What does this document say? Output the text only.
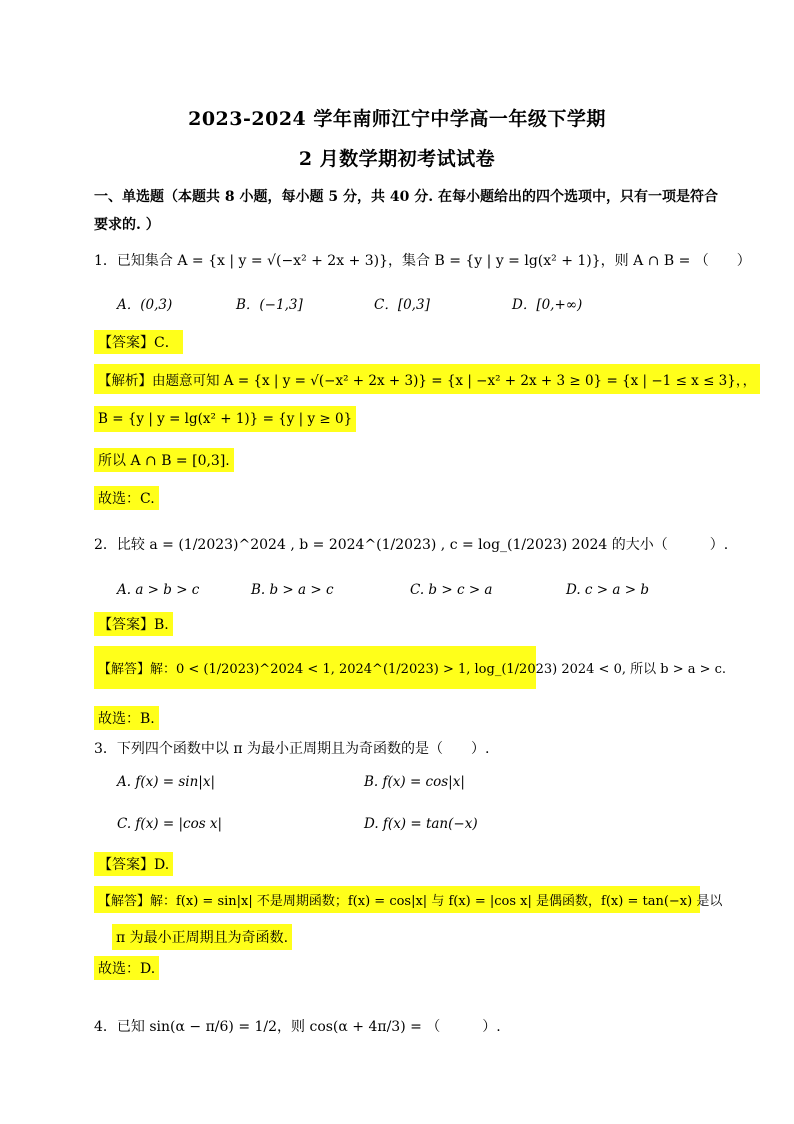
2023-2024 学年南师江宁中学高一年级下学期
2 月数学期初考试试卷
一、单选题（本题共 8 小题，每小题 5 分，共 40 分. 在每小题给出的四个选项中，只有一项是符合
要求的. ）
1．已知集合 A = {x | y = √(−x² + 2x + 3)}，集合 B = {y | y = lg(x² + 1)}，则 A ∩ B = （　　）
A．(0,3)	B．(−1,3]	C．[0,3]	D．[0,+∞)
【答案】C．
【解析】由题意可知 A = {x | y = √(−x² + 2x + 3)} = {x | −x² + 2x + 3 ≥ 0} = {x | −1 ≤ x ≤ 3}，，
B = {y | y = lg(x² + 1)} = {y | y ≥ 0}
所以 A ∩ B = [0,3].
故选：C.
2．比较 a = (1/2023)^2024 , b = 2024^(1/2023) , c = log_(1/2023) 2024 的大小（　　　）.
A. a > b > c	B. b > a > c	C. b > c > a	D. c > a > b
【答案】B.
【解答】解：0 < (1/2023)^2024 < 1, 2024^(1/2023) > 1, log_(1/2023) 2024 < 0, 所以 b > a > c.
故选：B.
3．下列四个函数中以 π 为最小正周期且为奇函数的是（　　）.
A. f(x) = sin|x|	B. f(x) = cos|x|
C. f(x) = |cos x|	D. f(x) = tan(−x)
【答案】D.
【解答】解：f(x) = sin|x| 不是周期函数；f(x) = cos|x| 与 f(x) = |cos x| 是偶函数，f(x) = tan(−x) 是以
π 为最小正周期且为奇函数.
故选：D.
4．已知 sin(α − π/6) = 1/2，则 cos(α + 4π/3) = （　　　）.
